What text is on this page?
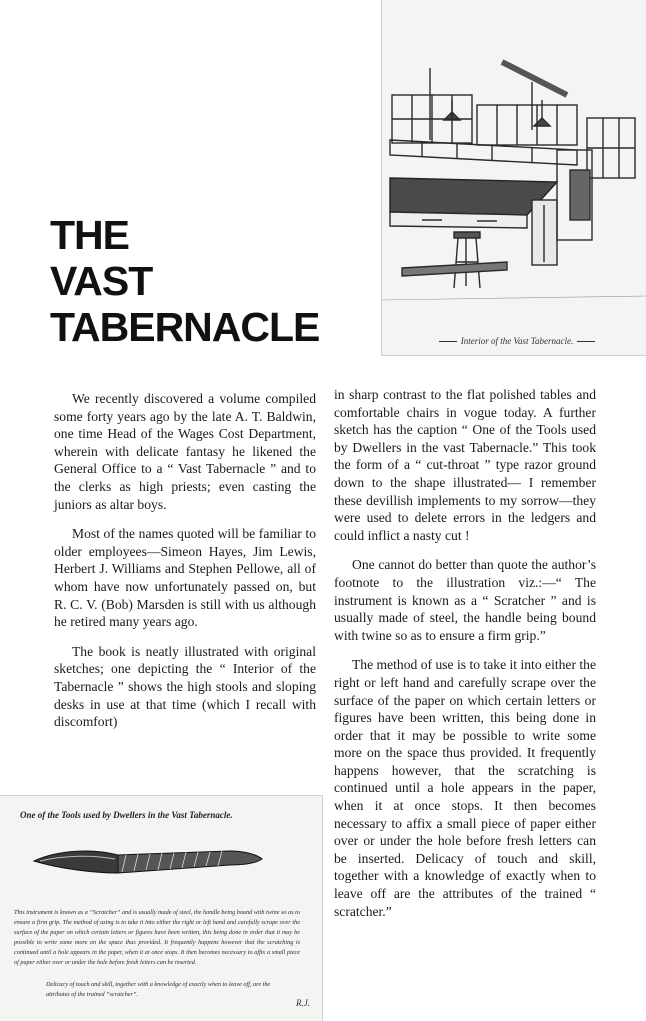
THE
VAST
TABERNACLE	Interior of the Vast Tabernacle.

We recently discovered a volume compiled some forty years ago by the late A. T. Baldwin, one time Head of the Wages Cost Department, wherein with delicate fantasy he likened the General Office to a “ Vast Tabernacle ” and to the clerks as high priests; even casting the juniors as altar boys.

Most of the names quoted will be familiar to older employees—Simeon Hayes, Jim Lewis, Herbert J. Williams and Stephen Pellowe, all of whom have now unfortunately passed on, but R. C. V. (Bob) Marsden is still with us although he retired many years ago.

The book is neatly illustrated with original sketches; one depicting the “ Interior of the Tabernacle ” shows the high stools and sloping desks in use at that time (which I recall with discomfort)

in sharp contrast to the flat polished tables and comfortable chairs in vogue today. A further sketch has the caption “ One of the Tools used by Dwellers in the vast Tabernacle.” This took the form of a “ cut-throat ” type razor ground down to the shape illustrated— I remember these devillish implements to my sorrow—they were used to delete errors in the ledgers and could inflict a nasty cut !

One cannot do better than quote the author’s footnote to the illustration viz.:—“ The instrument is known as a “ Scratcher ” and is usually made of steel, the handle being bound with twine so as to ensure a firm grip.”

The method of use is to take it into either the right or left hand and carefully scrape over the surface of the paper on which certain letters or figures have been written, this being done in order that it may be possible to write some more on the space thus provided. It frequently happens however, that the scratching is continued until a hole appears in the paper, when it at once stops. It then becomes necessary to affix a small piece of paper either over or under the hole before fresh letters can be inserted. Delicacy of touch and skill, together with a knowledge of exactly when to leave off are the attributes of the trained “ scratcher.”

One of the Tools used by Dwellers in the Vast Tabernacle.
This instrument is known as a “Scratcher” and is usually made of steel, the handle being bound with twine so as to ensure a firm grip. The method of using is to take it into either the right or left hand and carefully scrape over the surface of the paper on which certain letters or figures have been written, this being done in order that it may be possible to write some more on the space thus provided. It frequently happens however that the scratching is continued until a hole appears in the paper, when it at once stops. It then becomes necessary to affix a small piece of paper either over or under the hole before fresh letters can be inserted.
Delicacy of touch and skill, together with a knowledge of exactly when to leave off, are the attributes of the trained “scratcher”.
R.J.
